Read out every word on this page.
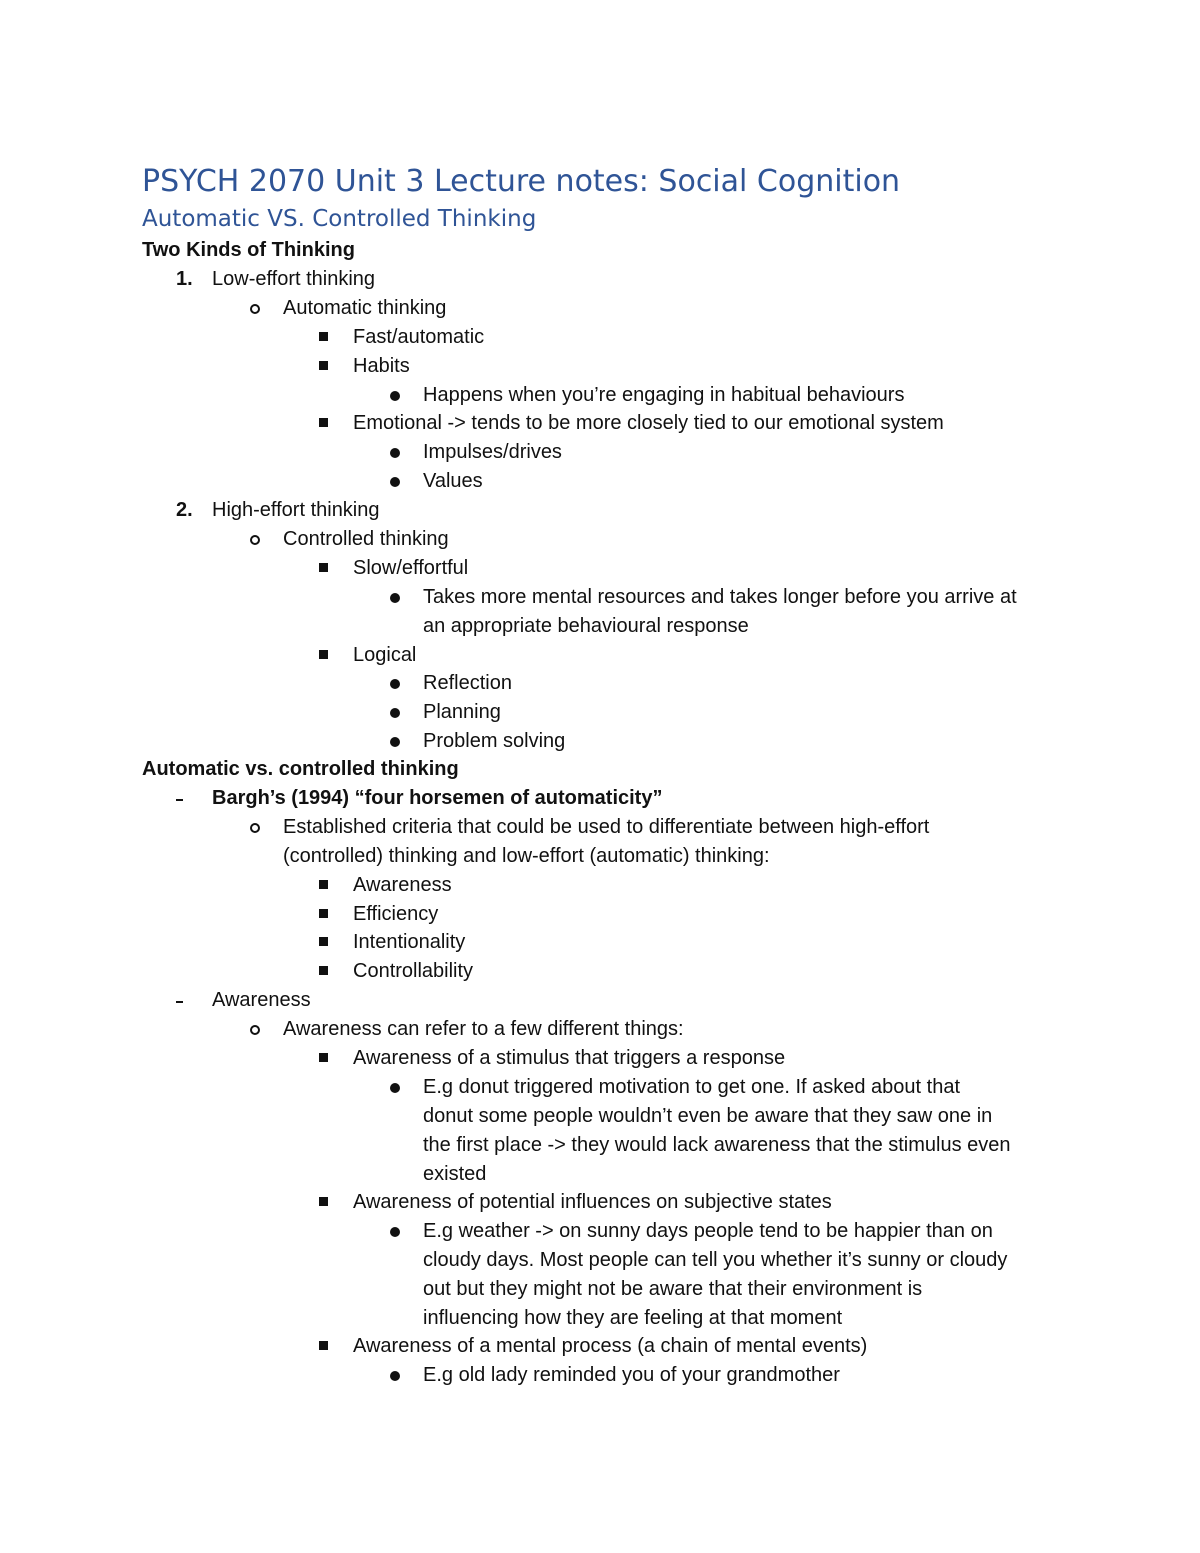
PSYCH 2070 Unit 3 Lecture notes: Social Cognition
Automatic VS. Controlled Thinking
Two Kinds of Thinking
1. Low-effort thinking
Automatic thinking
Fast/automatic
Habits
Happens when you’re engaging in habitual behaviours
Emotional -> tends to be more closely tied to our emotional system
Impulses/drives
Values
2. High-effort thinking
Controlled thinking
Slow/effortful
Takes more mental resources and takes longer before you arrive at
an appropriate behavioural response
Logical
Reflection
Planning
Problem solving
Automatic vs. controlled thinking
Bargh’s (1994) “four horsemen of automaticity”
Established criteria that could be used to differentiate between high-effort
(controlled) thinking and low-effort (automatic) thinking:
Awareness
Efficiency
Intentionality
Controllability
Awareness
Awareness can refer to a few different things:
Awareness of a stimulus that triggers a response
E.g donut triggered motivation to get one. If asked about that
donut some people wouldn’t even be aware that they saw one in
the first place -> they would lack awareness that the stimulus even
existed
Awareness of potential influences on subjective states
E.g weather -> on sunny days people tend to be happier than on
cloudy days. Most people can tell you whether it’s sunny or cloudy
out but they might not be aware that their environment is
influencing how they are feeling at that moment
Awareness of a mental process (a chain of mental events)
E.g old lady reminded you of your grandmother
